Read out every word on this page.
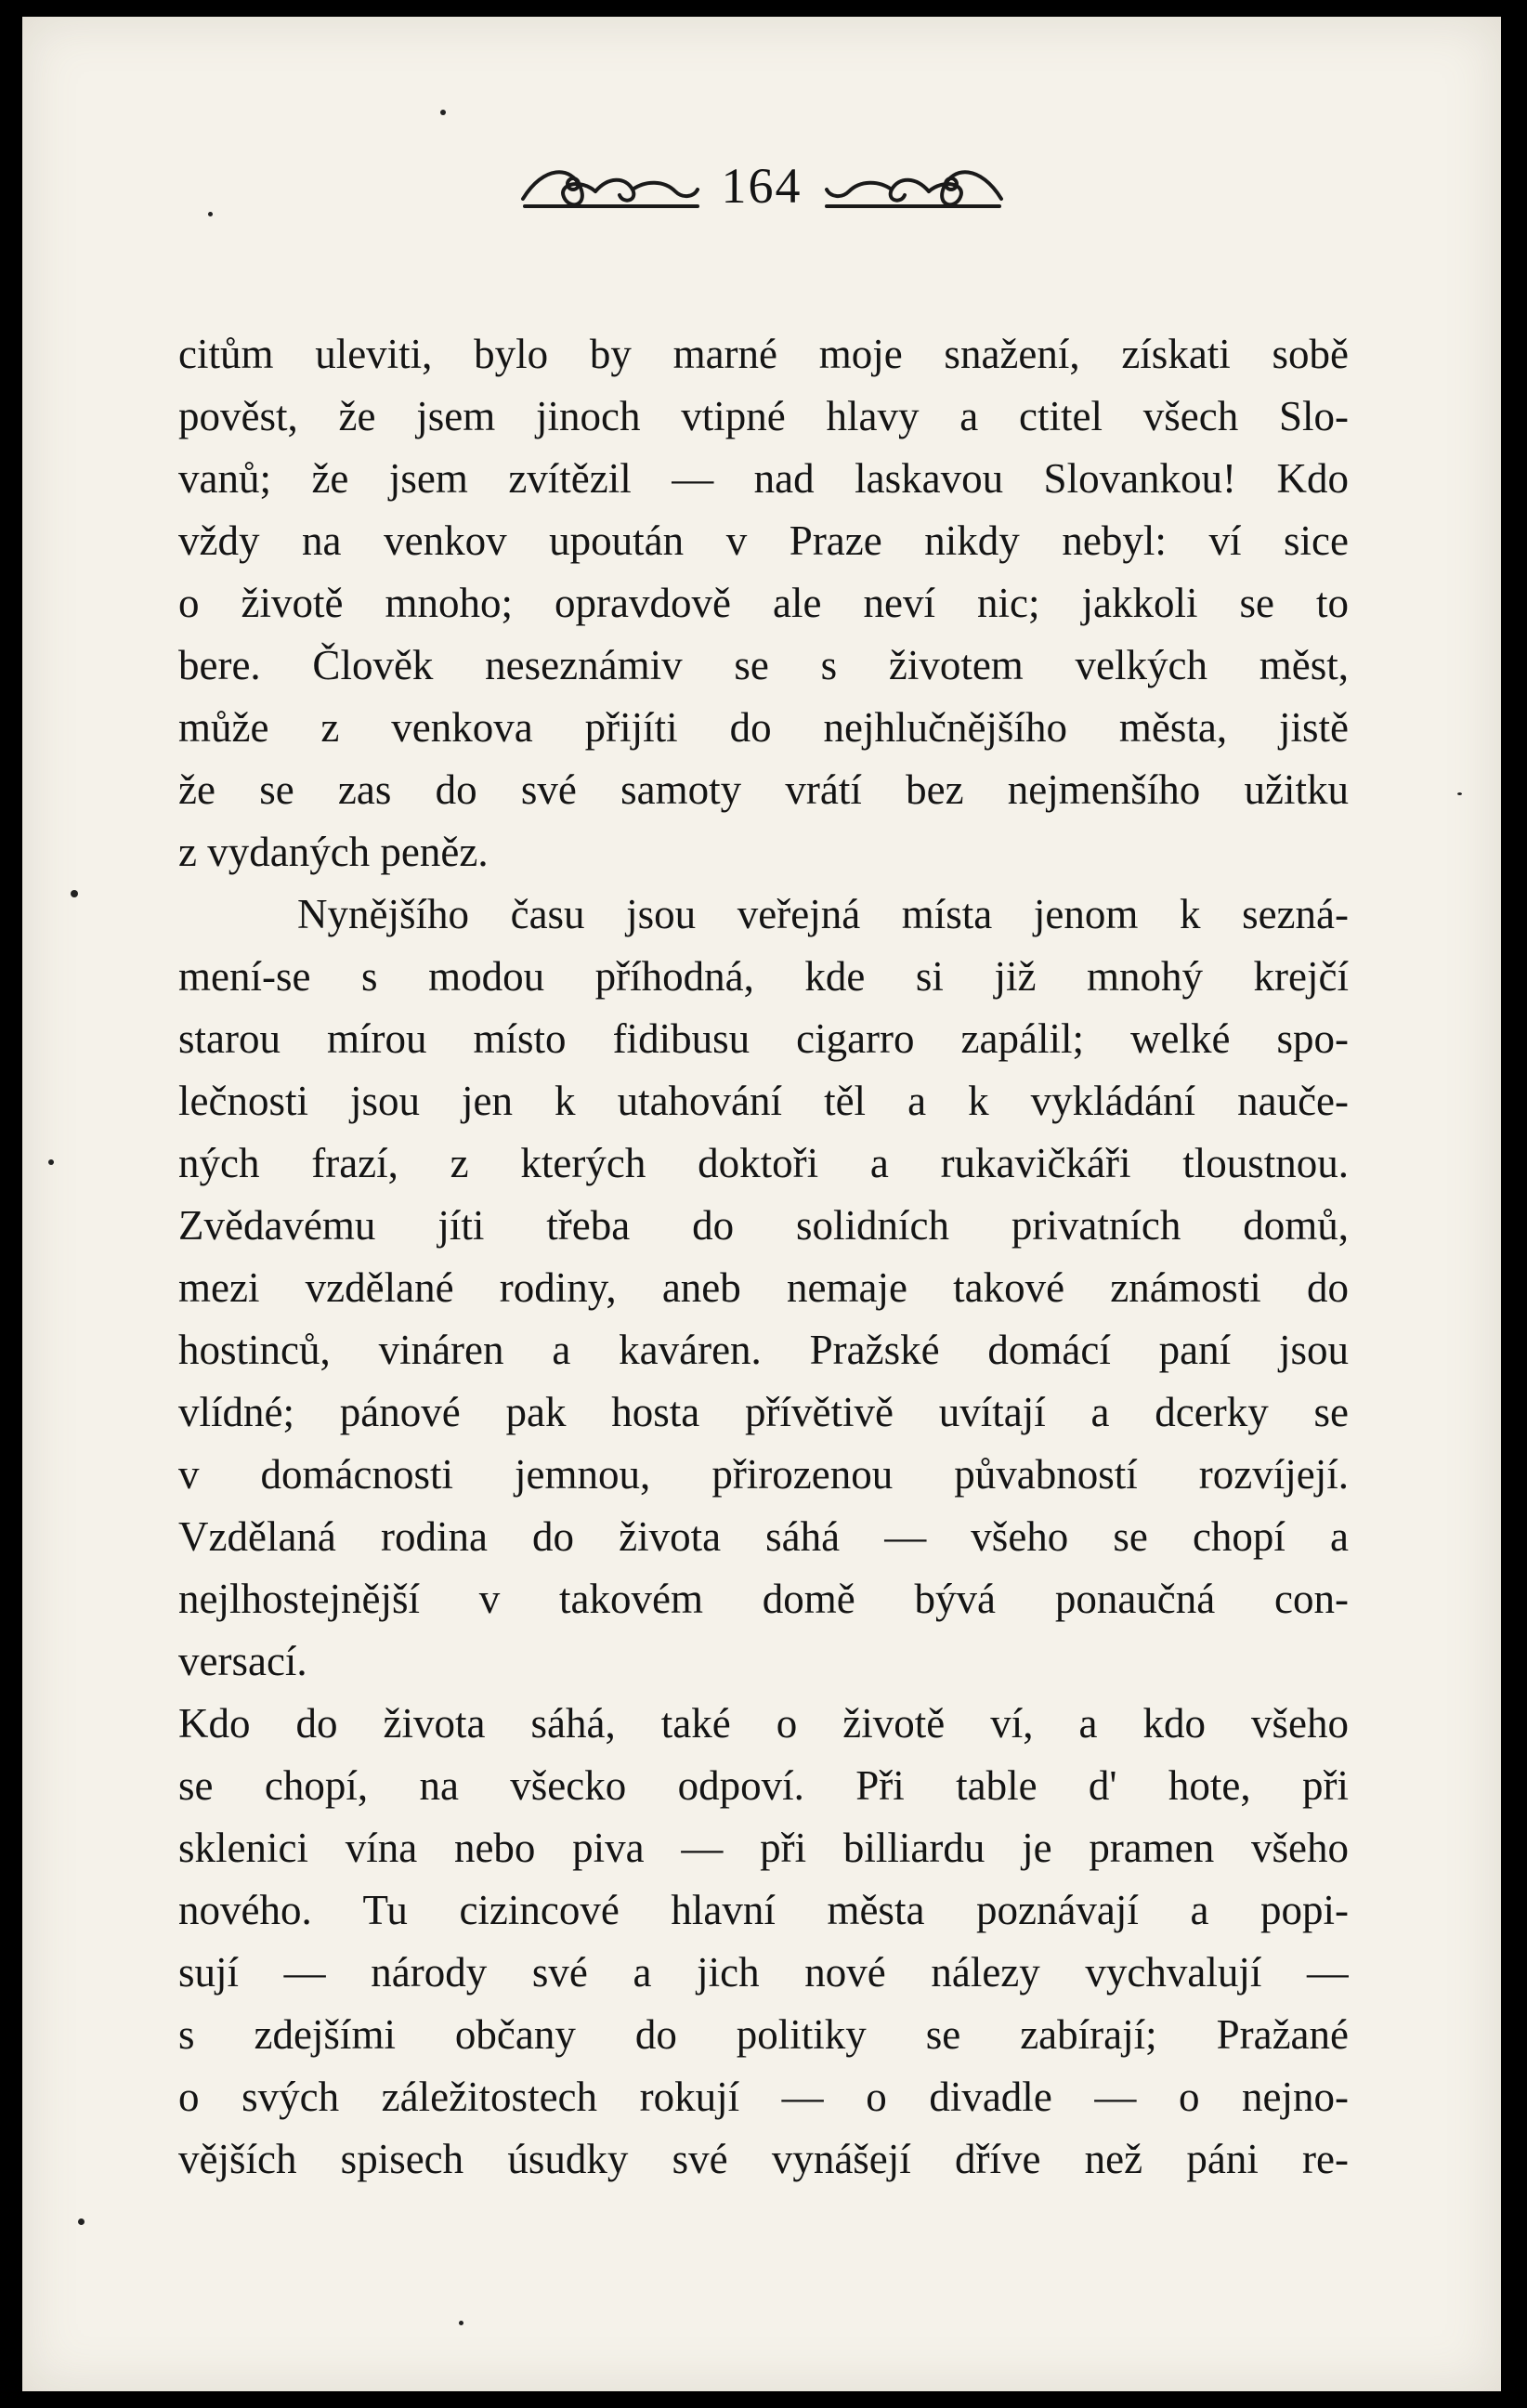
164
citům uleviti, bylo by marné moje snažení, získati sobě
pověst, že jsem jinoch vtipné hlavy a ctitel všech Slo-
vanů; že jsem zvítězil — nad laskavou Slovankou! Kdo
vždy na venkov upoután v Praze nikdy nebyl: ví sice
o životě mnoho; opravdově ale neví nic; jakkoli se to
bere. Člověk neseznámiv se s životem velkých měst,
může z venkova přijíti do nejhlučnějšího města, jistě
že se zas do své samoty vrátí bez nejmenšího užitku
z vydaných peněz.
Nynějšího času jsou veřejná místa jenom k sezná-
mení-se s modou příhodná, kde si již mnohý krejčí
starou mírou místo fidibusu cigarro zapálil; welké spo-
lečnosti jsou jen k utahování těl a k vykládání nauče-
ných frazí, z kterých doktoři a rukavičkáři tloustnou.
Zvědavému jíti třeba do solidních privatních domů,
mezi vzdělané rodiny, aneb nemaje takové známosti do
hostinců, vináren a kaváren. Pražské domácí paní jsou
vlídné; pánové pak hosta přívětivě uvítají a dcerky se
v domácnosti jemnou, přirozenou půvabností rozvíjejí.
Vzdělaná rodina do života sáhá — všeho se chopí a
nejlhostejnější v takovém domě bývá ponaučná con-
versací.
Kdo do života sáhá, také o životě ví, a kdo všeho
se chopí, na všecko odpoví. Při table d' hote, při
sklenici vína nebo piva — při billiardu je pramen všeho
nového. Tu cizincové hlavní města poznávají a popi-
sují — národy své a jich nové nálezy vychvalují —
s zdejšími občany do politiky se zabírají; Pražané
o svých záležitostech rokují — o divadle — o nejno-
vějších spisech úsudky své vynášejí dříve než páni re-
